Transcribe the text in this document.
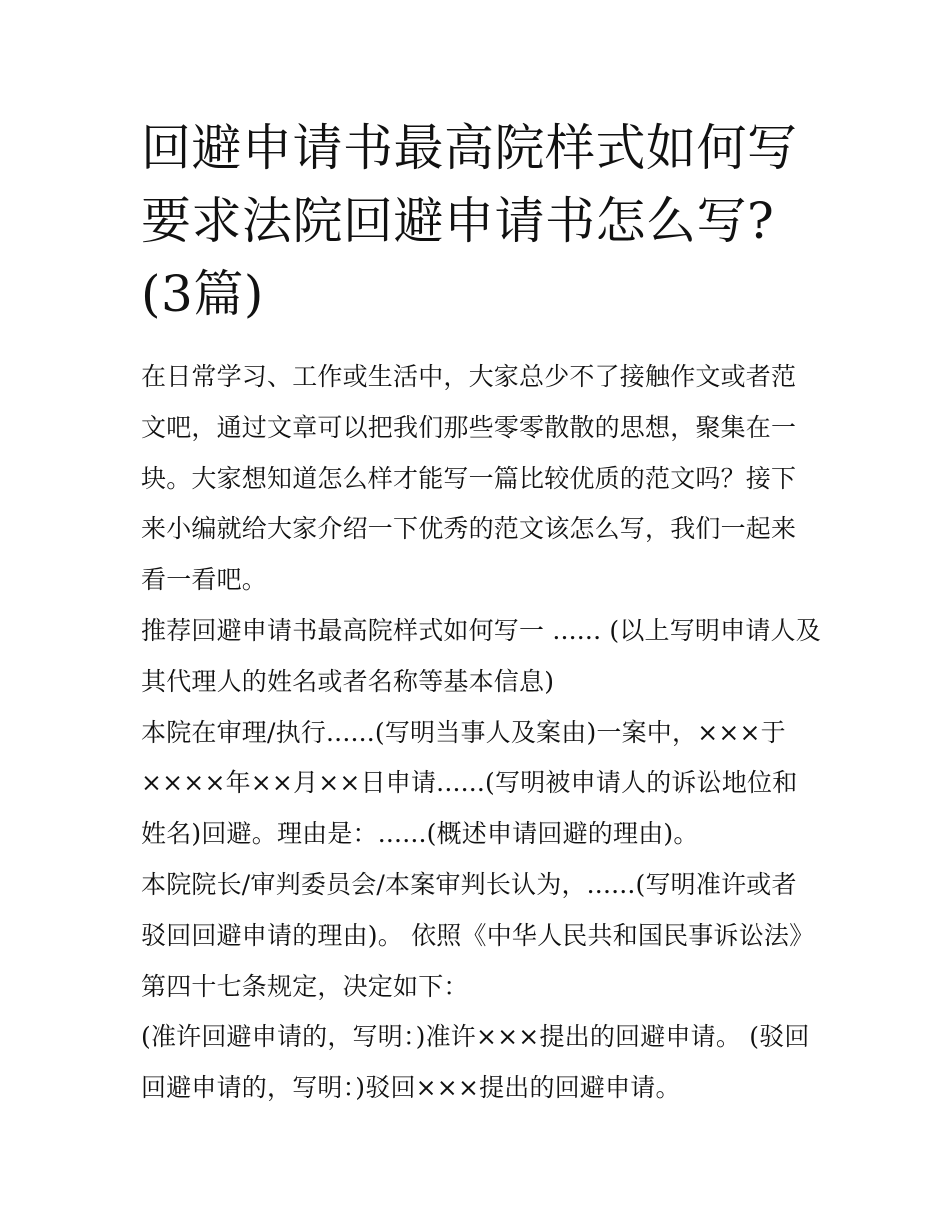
回避申请书最高院样式如何写要求法院回避申请书怎么写?(3篇)

在日常学习、工作或生活中，大家总少不了接触作文或者范文吧，通过文章可以把我们那些零零散散的思想，聚集在一块。大家想知道怎么样才能写一篇比较优质的范文吗？接下来小编就给大家介绍一下优秀的范文该怎么写，我们一起来看一看吧。

推荐回避申请书最高院样式如何写一 ...... (以上写明申请人及其代理人的姓名或者名称等基本信息)

本院在审理/执行......(写明当事人及案由)一案中，×××于××××年××月××日申请......(写明被申请人的诉讼地位和姓名)回避。理由是：......(概述申请回避的理由)。

本院院长/审判委员会/本案审判长认为，......(写明准许或者驳回回避申请的理由)。 依照《中华人民共和国民事诉讼法》第四十七条规定，决定如下：

(准许回避申请的，写明：)准许×××提出的回避申请。 (驳回回避申请的，写明：)驳回×××提出的回避申请。
